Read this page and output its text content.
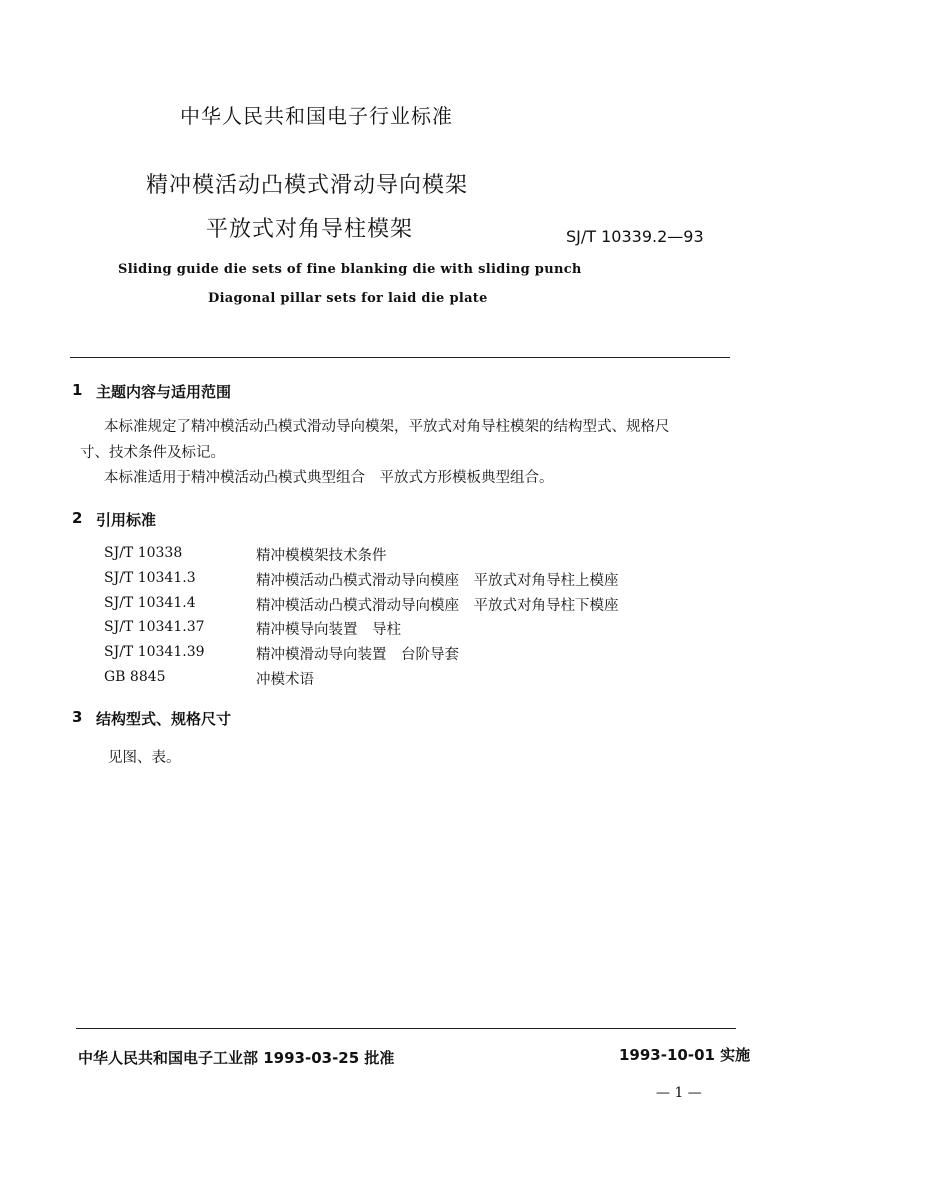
中华人民共和国电子行业标准
精冲模活动凸模式滑动导向模架
平放式对角导柱模架	SJ/T 10339.2—93
Sliding guide die sets of fine blanking die with sliding punch
Diagonal pillar sets for laid die plate
1 主题内容与适用范围
本标准规定了精冲模活动凸模式滑动导向模架，平放式对角导柱模架的结构型式、规格尺
寸、技术条件及标记。
本标准适用于精冲模活动凸模式典型组合　平放式方形模板典型组合。
2 引用标准
SJ/T 10338	精冲模模架技术条件
SJ/T 10341.3	精冲模活动凸模式滑动导向模座　平放式对角导柱上模座
SJ/T 10341.4	精冲模活动凸模式滑动导向模座　平放式对角导柱下模座
SJ/T 10341.37	精冲模导向装置　导柱
SJ/T 10341.39	精冲模滑动导向装置　台阶导套
GB 8845	冲模术语
3 结构型式、规格尺寸
见图、表。
中华人民共和国电子工业部 1993-03-25 批准	1993-10-01 实施
— 1 —
